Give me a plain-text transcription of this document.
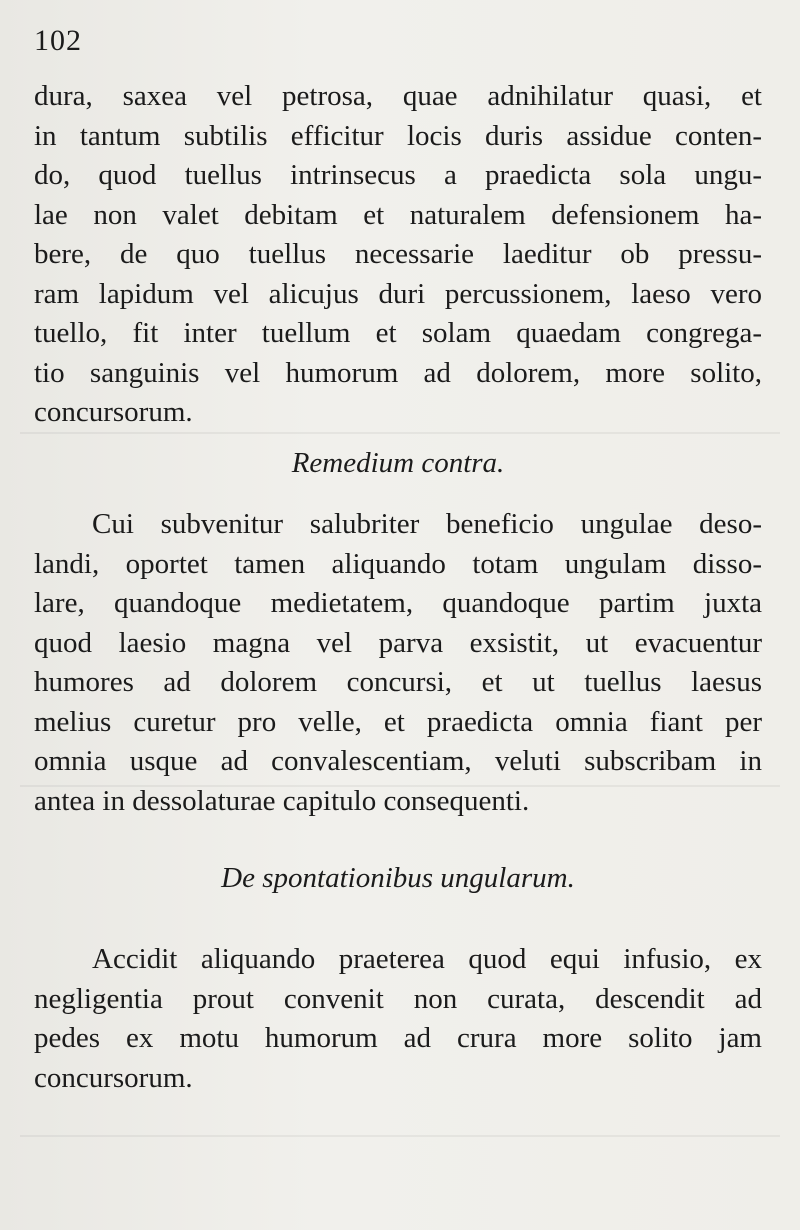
102
dura, saxea vel petrosa, quae adnihilatur quasi, et
in tantum subtilis efficitur locis duris assidue conten-
do, quod tuellus intrinsecus a praedicta sola ungu-
lae non valet debitam et naturalem defensionem ha-
bere, de quo tuellus necessarie laeditur ob pressu-
ram lapidum vel alicujus duri percussionem, laeso vero
tuello, fit inter tuellum et solam quaedam congrega-
tio sanguinis vel humorum ad dolorem, more solito,
concursorum.
Remedium contra.
Cui subvenitur salubriter beneficio ungulae deso-
landi, oportet tamen aliquando totam ungulam disso-
lare, quandoque medietatem, quandoque partim juxta
quod laesio magna vel parva exsistit, ut evacuentur
humores ad dolorem concursi, et ut tuellus laesus
melius curetur pro velle, et praedicta omnia fiant per
omnia usque ad convalescentiam, veluti subscribam in
antea in dessolaturae capitulo consequenti.
De spontationibus ungularum.
Accidit aliquando praeterea quod equi infusio, ex
negligentia prout convenit non curata, descendit ad
pedes ex motu humorum ad crura more solito jam
concursorum.
